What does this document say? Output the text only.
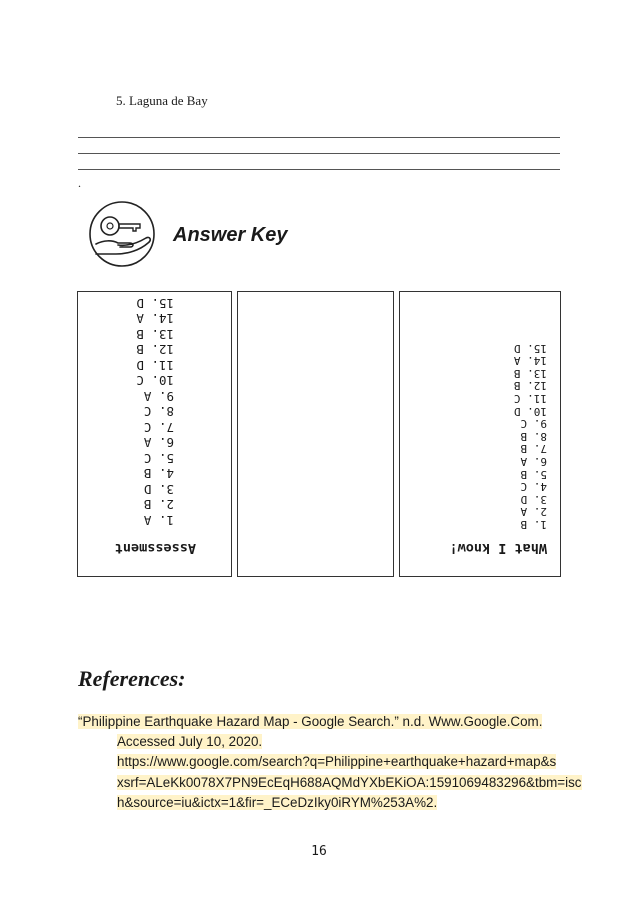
5. Laguna de Bay
.
Answer Key
Assessment
1. A
2. B
3. D
4. B
5. C
6. A
7. C
8. C
9. A
10. C
11. D
12. B
13. B
14. A
15. D
What I know!
1. B
2. A
3. D
4. C
5. B
6. A
7. B
8. B
9. C
10. D
11. C
12. B
13. B
14. A
15. D
References:
“Philippine Earthquake Hazard Map - Google Search.” n.d. Www.Google.Com.
Accessed July 10, 2020.
https://www.google.com/search?q=Philippine+earthquake+hazard+map&s
xsrf=ALeKk0078X7PN9EcEqH688AQMdYXbEKiOA:1591069483296&tbm=isc
h&source=iu&ictx=1&fir=_ECeDzIky0iRYM%253A%2.
16
